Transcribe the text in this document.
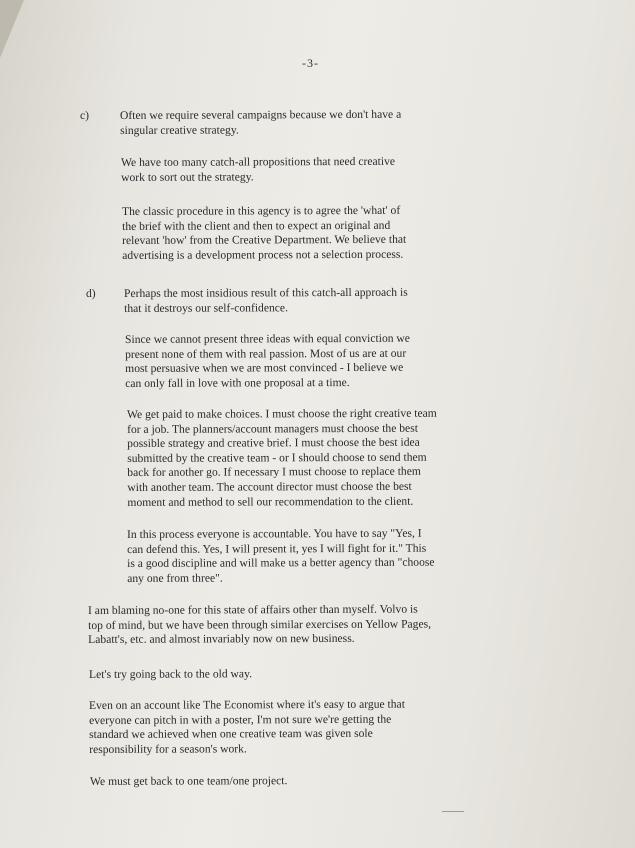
-3-
c)	Often we require several campaigns because we don't have a
singular creative strategy.
We have too many catch-all propositions that need creative
work to sort out the strategy.
The classic procedure in this agency is to agree the 'what' of
the brief with the client and then to expect an original and
relevant 'how' from the Creative Department. We believe that
advertising is a development process not a selection process.
d) Perhaps the most insidious result of this catch-all approach is
that it destroys our self-confidence.
Since we cannot present three ideas with equal conviction we
present none of them with real passion. Most of us are at our
most persuasive when we are most convinced - I believe we
can only fall in love with one proposal at a time.
We get paid to make choices. I must choose the right creative team
for a job. The planners/account managers must choose the best
possible strategy and creative brief. I must choose the best idea
submitted by the creative team - or I should choose to send them
back for another go. If necessary I must choose to replace them
with another team. The account director must choose the best
moment and method to sell our recommendation to the client.
In this process everyone is accountable. You have to say "Yes, I
can defend this. Yes, I will present it, yes I will fight for it." This
is a good discipline and will make us a better agency than "choose
any one from three".
I am blaming no-one for this state of affairs other than myself. Volvo is
top of mind, but we have been through similar exercises on Yellow Pages,
Labatt's, etc. and almost invariably now on new business.
Let's try going back to the old way.
Even on an account like The Economist where it's easy to argue that
everyone can pitch in with a poster, I'm not sure we're getting the
standard we achieved when one creative team was given sole
responsibility for a season's work.
We must get back to one team/one project.
